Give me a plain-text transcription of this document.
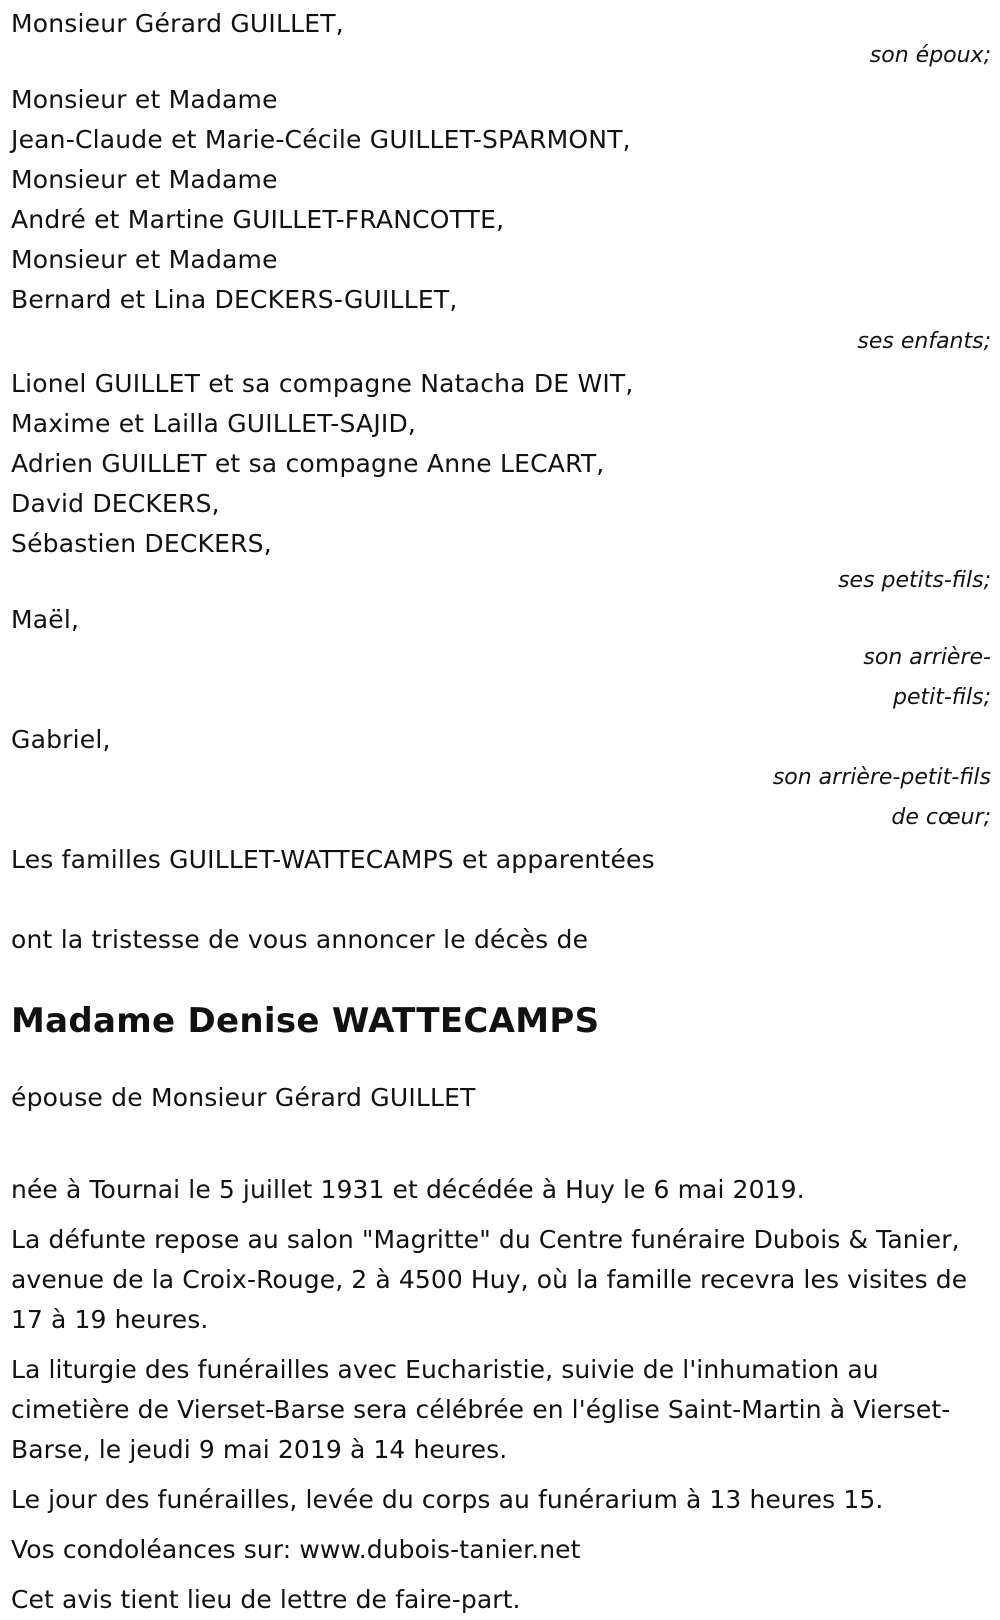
Monsieur Gérard GUILLET,
son époux;
Monsieur et Madame
Jean-Claude et Marie-Cécile GUILLET-SPARMONT,
Monsieur et Madame
André et Martine GUILLET-FRANCOTTE,
Monsieur et Madame
Bernard et Lina DECKERS-GUILLET,
ses enfants;
Lionel GUILLET et sa compagne Natacha DE WIT,
Maxime et Lailla GUILLET-SAJID,
Adrien GUILLET et sa compagne Anne LECART,
David DECKERS,
Sébastien DECKERS,
ses petits-fils;
Maël,
son arrière-
petit-fils;
Gabriel,
son arrière-petit-fils
de cœur;
Les familles GUILLET-WATTECAMPS et apparentées
ont la tristesse de vous annoncer le décès de
Madame Denise WATTECAMPS
épouse de Monsieur Gérard GUILLET
née à Tournai le 5 juillet 1931 et décédée à Huy le 6 mai 2019.
La défunte repose au salon "Magritte" du Centre funéraire Dubois & Tanier, avenue de la Croix-Rouge, 2 à 4500 Huy, où la famille recevra les visites de 17 à 19 heures.
La liturgie des funérailles avec Eucharistie, suivie de l'inhumation au cimetière de Vierset-Barse sera célébrée en l'église Saint-Martin à Vierset-Barse, le jeudi 9 mai 2019 à 14 heures.
Le jour des funérailles, levée du corps au funérarium à 13 heures 15.
Vos condoléances sur: www.dubois-tanier.net
Cet avis tient lieu de lettre de faire-part.
